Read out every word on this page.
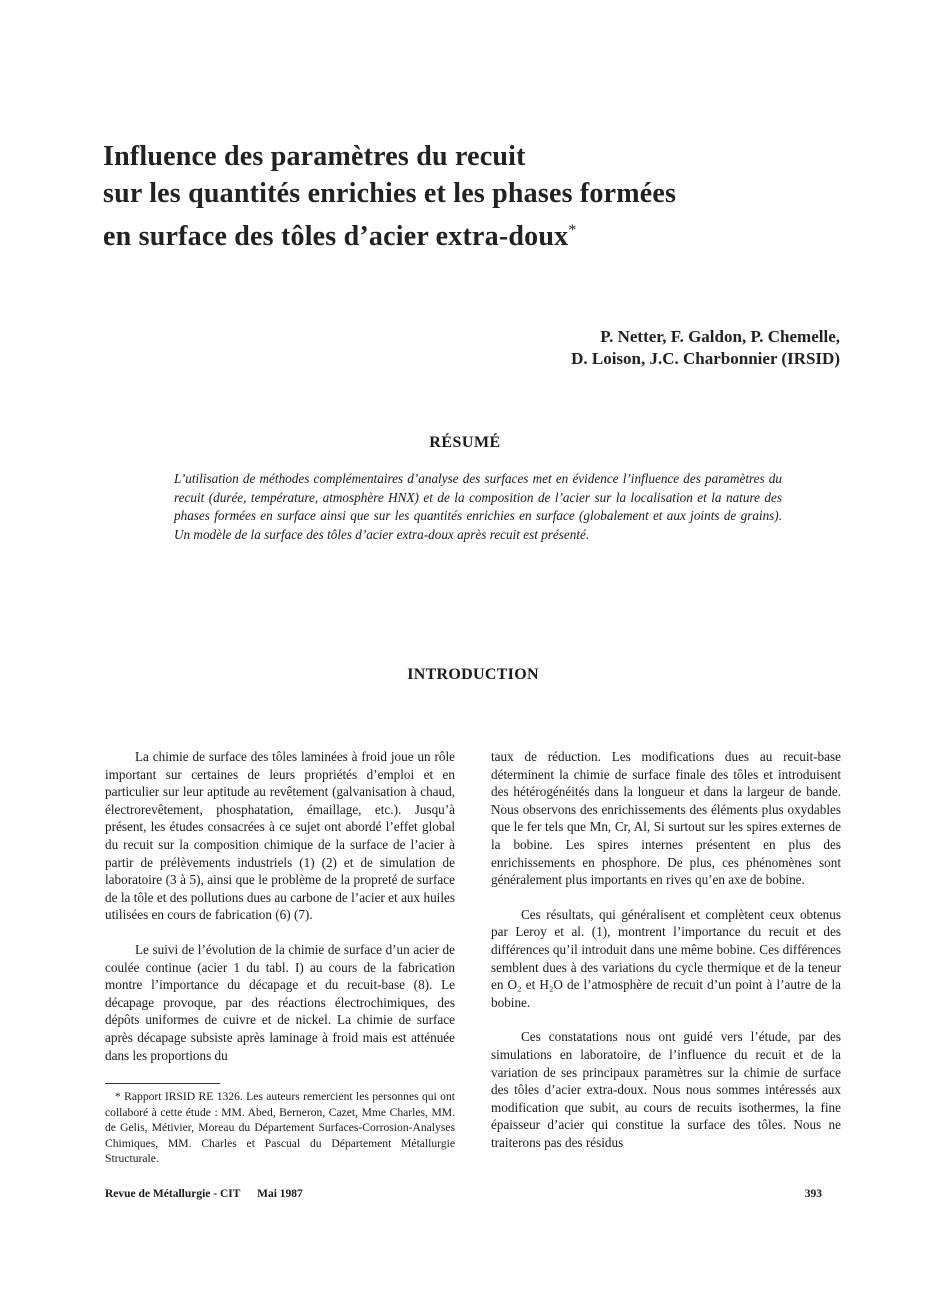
Influence des paramètres du recuit
sur les quantités enrichies et les phases formées
en surface des tôles d’acier extra-doux*
P. Netter, F. Galdon, P. Chemelle,
D. Loison, J.C. Charbonnier (IRSID)
RÉSUMÉ
L’utilisation de méthodes complémentaires d’analyse des surfaces met en évidence l’influence des paramètres du recuit (durée, température, atmosphère HNX) et de la composition de l’acier sur la localisation et la nature des phases formées en surface ainsi que sur les quantités enrichies en surface (globalement et aux joints de grains). Un modèle de la surface des tôles d’acier extra-doux après recuit est présenté.
INTRODUCTION

La chimie de surface des tôles laminées à froid joue un rôle important sur certaines de leurs propriétés d’emploi et en particulier sur leur aptitude au revêtement (galvanisation à chaud, électrorevêtement, phosphatation, émaillage, etc.). Jusqu’à présent, les études consacrées à ce sujet ont abordé l’effet global du recuit sur la composition chimique de la surface de l’acier à partir de prélèvements industriels (1) (2) et de simulation de laboratoire (3 à 5), ainsi que le problème de la propreté de surface de la tôle et des pollutions dues au carbone de l’acier et aux huiles utilisées en cours de fabrication (6) (7).

Le suivi de l’évolution de la chimie de surface d’un acier de coulée continue (acier 1 du tabl. I) au cours de la fabrication montre l’importance du décapage et du recuit-base (8). Le décapage provoque, par des réactions électrochimiques, des dépôts uniformes de cuivre et de nickel. La chimie de surface après décapage subsiste après laminage à froid mais est atténuée dans les proportions du

taux de réduction. Les modifications dues au recuit-base déterminent la chimie de surface finale des tôles et introduisent des hétérogénéités dans la longueur et dans la largeur de bande. Nous observons des enrichissements des éléments plus oxydables que le fer tels que Mn, Cr, Al, Si surtout sur les spires externes de la bobine. Les spires internes présentent en plus des enrichissements en phosphore. De plus, ces phénomènes sont généralement plus importants en rives qu’en axe de bobine.

Ces résultats, qui généralisent et complètent ceux obtenus par Leroy et al. (1), montrent l’importance du recuit et des différences qu’il introduit dans une même bobine. Ces différences semblent dues à des variations du cycle thermique et de la teneur en O₂ et H₂O de l’atmosphère de recuit d’un point à l’autre de la bobine.

Ces constatations nous ont guidé vers l’étude, par des simulations en laboratoire, de l’influence du recuit et de la variation de ses principaux paramètres sur la chimie de surface des tôles d’acier extra-doux. Nous nous sommes intéressés aux modification que subit, au cours de recuits isothermes, la fine épaisseur d’acier qui constitue la surface des tôles. Nous ne traiterons pas des résidus

* Rapport IRSID RE 1326. Les auteurs remercient les personnes qui ont collaboré à cette étude : MM. Abed, Berneron, Cazet, Mme Charles, MM. de Gelis, Métivier, Moreau du Département Surfaces-Corrosion-Analyses Chimiques, MM. Charles et Pascual du Département Métallurgie Structurale.
Revue de Métallurgie - CIT Mai 1987	393
